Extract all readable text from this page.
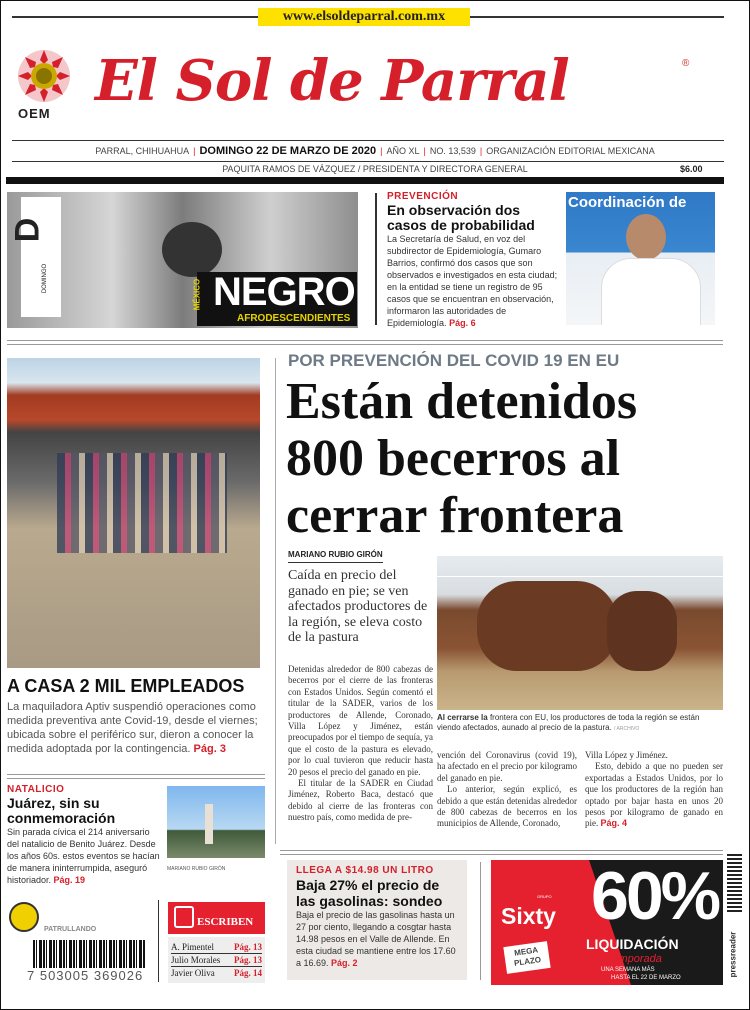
www.elsoldeparral.com.mx
OEM El Sol de Parral	®
PARRAL, CHIHUAHUA | DOMINGO 22 DE MARZO DE 2020 | AÑO XL | NO. 13,539 | ORGANIZACIÓN EDITORIAL MEXICANA
PAQUITA RAMOS DE VÁZQUEZ / PRESIDENTA Y DIRECTORA GENERAL	$6.00
D
DOMINGO
MÉXICO NEGRO
AFRODESCENDIENTES
PREVENCIÓN
En observación dos casos de probabilidad
La Secretaría de Salud, en voz del subdirector de Epidemiología, Gumaro Barrios, confirmó dos casos que son observados e investigados en esta ciudad; en la entidad se tiene un registro de 95 casos que se encuentran en observación, informaron las autoridades de Epidemiología. Pág. 6
Coordinación de
A CASA 2 MIL EMPLEADOS
La maquiladora Aptiv suspendió operaciones como medida preventiva ante Covid-19, desde el viernes; ubicada sobre el periférico sur, dieron a conocer la medida adoptada por la contingencia. Pág. 3
NATALICIO
Juárez, sin su conmemoración
Sin parada cívica el 214 aniversario del natalicio de Benito Juárez. Desde los años 60s. estos eventos se hacían de manera ininterrumpida, aseguró historiador. Pág. 19
MARIANO RUBIO GIRÓN
PATRULLANDO
7 503005 369026
ESCRIBEN
A. Pimentel Pág. 13
Julio Morales Pág. 13
Javier Oliva Pág. 14
POR PREVENCIÓN DEL COVID 19 EN EU
Están detenidos 800 becerros al cerrar frontera
MARIANO RUBIO GIRÓN
Caída en precio del ganado en pie; se ven afectados productores de la región, se eleva costo de la pastura

Detenidas alrededor de 800 cabezas de becerros por el cierre de las fronteras con Estados Unidos. Según comentó el titular de la SADER, varios de los productores de Allende, Coronado, Villa López y Jiménez, están preocupados por el tiempo de sequía, ya que el costo de la pastura es elevado, por lo cual tuvieron que reducir hasta 20 pesos el precio del ganado en pie.

El titular de la SADER en Ciudad Jiménez, Roberto Baca, destacó que debido al cierre de las fronteras con nuestro país, como medida de pre-

Al cerrarse la frontera con EU, los productores de toda la región se están viendo afectados, aunado al precio de la pastura. / ARCHIVO

vención del Coronavirus (covid 19), ha afectado en el precio por kilogramo del ganado en pie.

Lo anterior, según explicó, es debido a que están detenidas alrededor de 800 cabezas de becerros en los municipios de Allende, Coronado,

Villa López y Jiménez.

Esto, debido a que no pueden ser exportadas a Estados Unidos, por lo que los productores de la región han optado por bajar hasta en unos 20 pesos por kilogramo de ganado en pie. Pág. 4

LLEGA A $14.98 UN LITRO
Baja 27% el precio de las gasolinas: sondeo
Baja el precio de las gasolinas hasta un 27 por ciento, llegando a cosgtar hasta 14.98 pesos en el Valle de Allende. En esta ciudad se mantiene entre los 17.60 a 16.69. Pág. 2
GRUPO
Sixty 60%
LIQUIDACIÓN
de temporada
UNA SEMANA MÁS
HASTA EL 22 DE MARZO
MEGA PLAZO	pressreader
